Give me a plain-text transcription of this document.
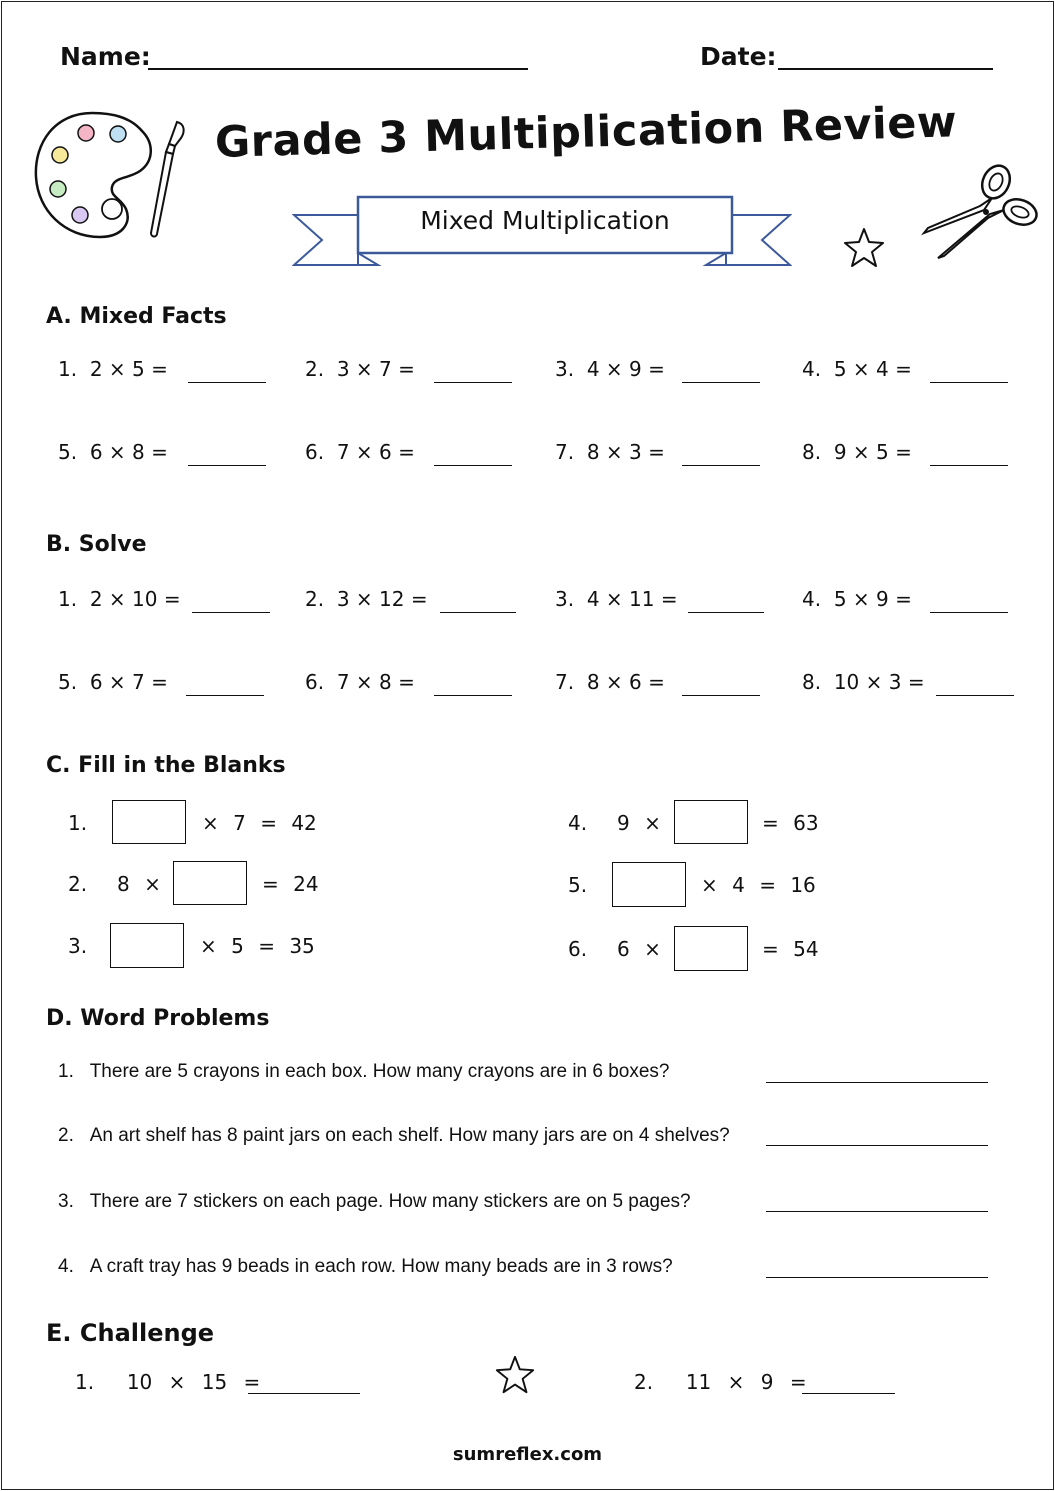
Name:	Date:
Grade 3 Multiplication Review
Mixed Multiplication
A. Mixed Facts
1. 2 × 5 =	2. 3 × 7 =	3. 4 × 9 =	4. 5 × 4 =
5. 6 × 8 =	6. 7 × 6 =	7. 8 × 3 =	8. 9 × 5 =
B. Solve
1. 2 × 10 =	2. 3 × 12 =	3. 4 × 11 =	4. 5 × 9 =
5. 6 × 7 =	6. 7 × 8 =	7. 8 × 6 =	8. 10 × 3 =
C. Fill in the Blanks
1.	× 7 = 42
2. 8 ×	= 24
3.	× 5 = 35
4. 9 ×	= 63
5.	× 4 = 16
6. 6 ×	= 54
D. Word Problems
1. There are 5 crayons in each box. How many crayons are in 6 boxes?
2. An art shelf has 8 paint jars on each shelf. How many jars are on 4 shelves?
3. There are 7 stickers on each page. How many stickers are on 5 pages?
4. A craft tray has 9 beads in each row. How many beads are in 3 rows?
E. Challenge
1. 10 × 15 =	2. 11 × 9 =
sumreflex.com
